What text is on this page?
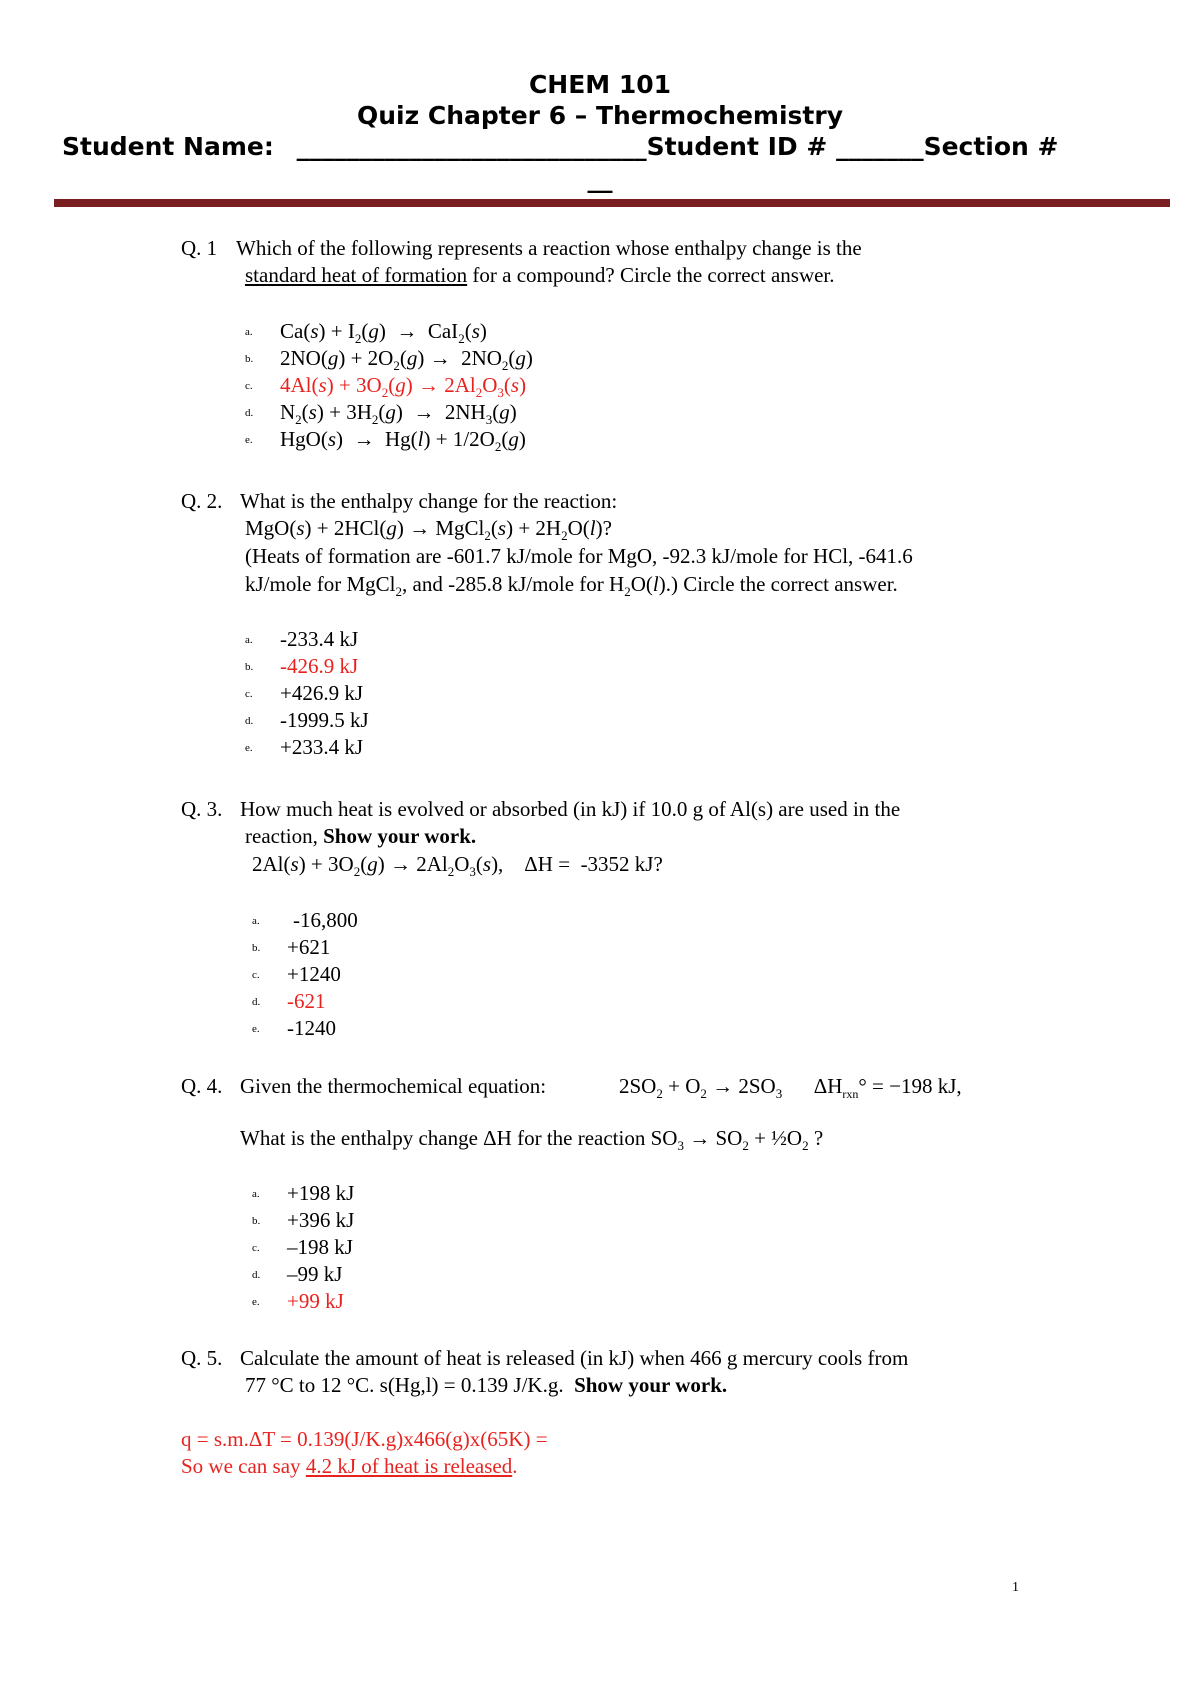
CHEM 101
Quiz Chapter 6 – Thermochemistry
Student Name: ____________________________Student ID # _______Section #
__
Q. 1 Which of the following represents a reaction whose enthalpy change is the
standard heat of formation for a compound? Circle the correct answer.
a. $Ca(s) + I_2(g) \to CaI_2(s)$
b. $2NO(g) + 2O_2(g) \to 2NO_2(g)$
c. $4Al(s) + 3O_2(g) \to 2Al_2O_3(s)$
d. $N_2(s) + 3H_2(g) \to 2NH_3(g)$
e. $HgO(s) \to Hg(l) + 1/2O_2(g)$
Q. 2. What is the enthalpy change for the reaction:
MgO(s) + 2HCl(g) → MgCl$_2$(s) + $2H_2O(l)$?
(Heats of formation are -601.7 kJ/mole for MgO, -92.3 kJ/mole for HCl, -641.6
kJ/mole for MgCl$_2$, and -285.8 kJ/mole for $H_2O(l)$.) Circle the correct answer.
a. -233.4 kJ
b. -426.9 kJ
c. +426.9 kJ
d. -1999.5 kJ
e. +233.4 kJ
Q. 3. How much heat is evolved or absorbed (in kJ) if 10.0 g of Al(s) are used in the
reaction, Show your work.
$2Al(s) + 3O_2(g) \to 2Al_2O_3(s)$,    ΔH =  -3352 kJ?
a. -16,800
b. +621
c. +1240
d. -621
e. -1240
Q. 4. Given the thermochemical equation:	$2SO_2 + O_2 \to 2SO_3$      $\Delta H_{rxn}^\circ = -198$ kJ,
What is the enthalpy change ΔH for the reaction $SO_3 \to SO_2$ + $\frac{1}{2}O_2$ ?
a. +198 kJ
b. +396 kJ
c. –198 kJ
d. –99 kJ
e. +99 kJ
Q. 5. Calculate the amount of heat is released (in kJ) when 466 g mercury cools from
77 °C to 12 °C. s(Hg,l) = 0.139 J/K.g. Show your work.
q = s.m.ΔT = 0.139(J/K.g)x466(g)x(65K) =
So we can say 4.2 kJ of heat is released.
1
